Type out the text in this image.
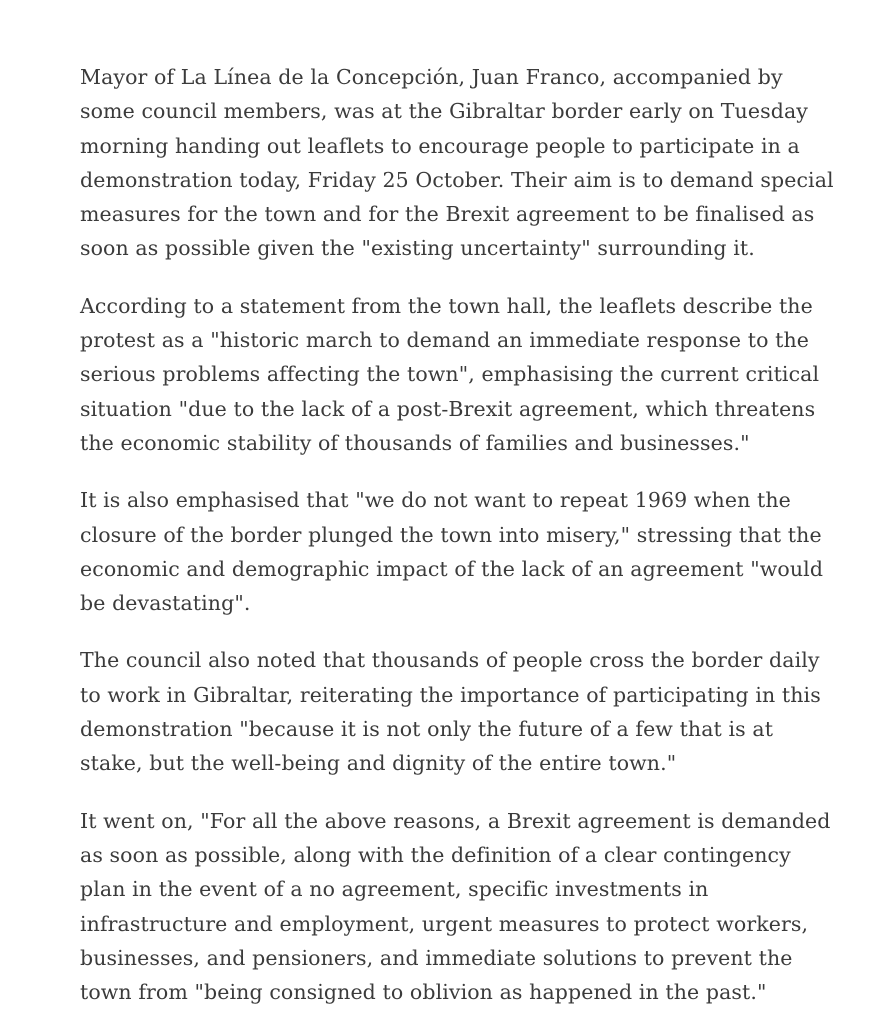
Mayor of La Línea de la Concepción, Juan Franco, accompanied by some council members, was at the Gibraltar border early on Tuesday morning handing out leaflets to encourage people to participate in a demonstration today, Friday 25 October. Their aim is to demand special measures for the town and for the Brexit agreement to be finalised as soon as possible given the "existing uncertainty" surrounding it.

According to a statement from the town hall, the leaflets describe the protest as a "historic march to demand an immediate response to the serious problems affecting the town", emphasising the current critical situation "due to the lack of a post-Brexit agreement, which threatens the economic stability of thousands of families and businesses."

It is also emphasised that "we do not want to repeat 1969 when the closure of the border plunged the town into misery," stressing that the economic and demographic impact of the lack of an agreement "would be devastating".

The council also noted that thousands of people cross the border daily to work in Gibraltar, reiterating the importance of participating in this demonstration "because it is not only the future of a few that is at stake, but the well-being and dignity of the entire town."

It went on, "For all the above reasons, a Brexit agreement is demanded as soon as possible, along with the definition of a clear contingency plan in the event of a no agreement, specific investments in infrastructure and employment, urgent measures to protect workers, businesses, and pensioners, and immediate solutions to prevent the town from "being consigned to oblivion as happened in the past."
